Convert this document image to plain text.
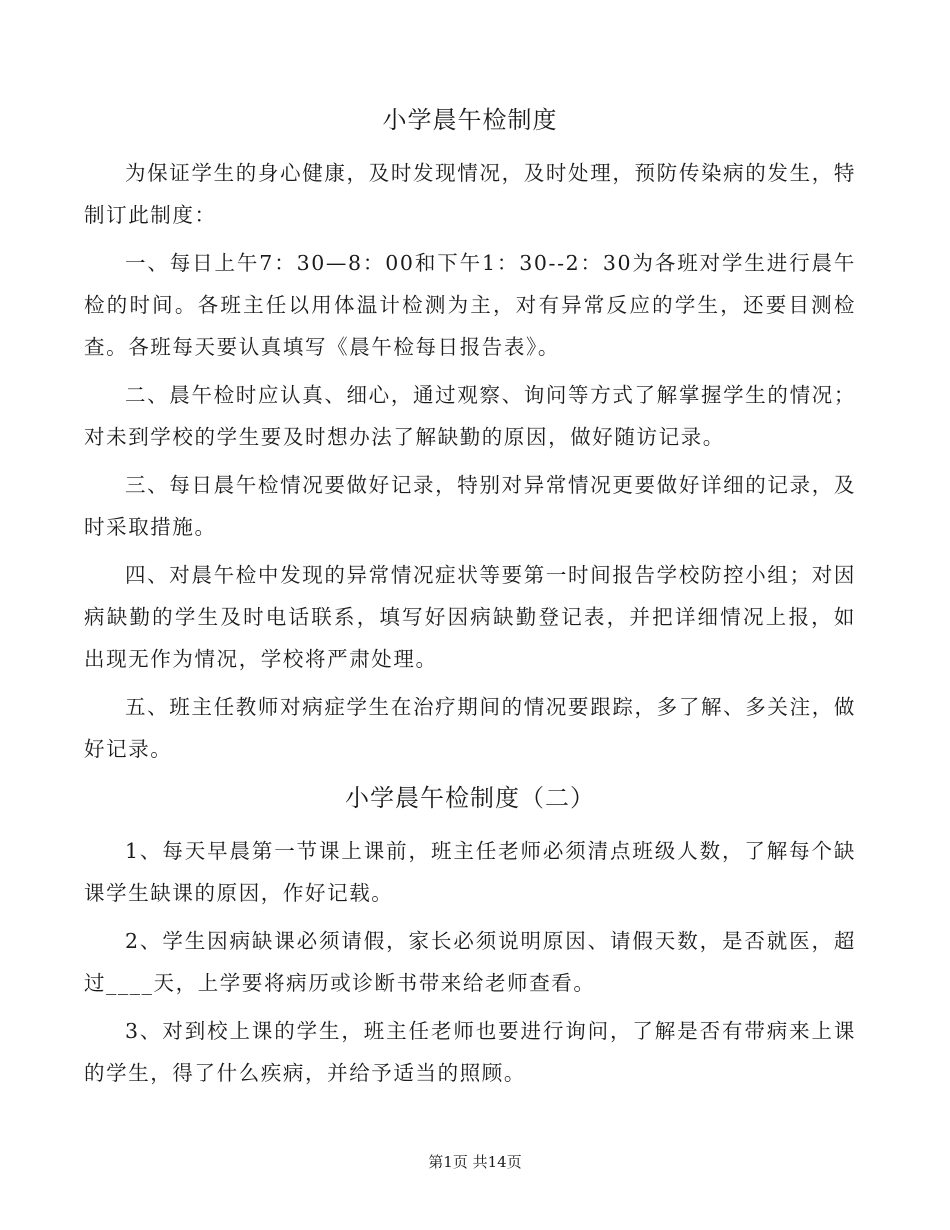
小学晨午检制度

为保证学生的身心健康，及时发现情况，及时处理，预防传染病的发生，特制订此制度：

一、每日上午7：30—8：00和下午1：30--2：30为各班对学生进行晨午检的时间。各班主任以用体温计检测为主，对有异常反应的学生，还要目测检查。各班每天要认真填写《晨午检每日报告表》。

二、晨午检时应认真、细心，通过观察、询问等方式了解掌握学生的情况；对未到学校的学生要及时想办法了解缺勤的原因，做好随访记录。

三、每日晨午检情况要做好记录，特别对异常情况更要做好详细的记录，及时采取措施。

四、对晨午检中发现的异常情况症状等要第一时间报告学校防控小组；对因病缺勤的学生及时电话联系，填写好因病缺勤登记表，并把详细情况上报，如出现无作为情况，学校将严肃处理。

五、班主任教师对病症学生在治疗期间的情况要跟踪，多了解、多关注，做好记录。

小学晨午检制度（二）

1、每天早晨第一节课上课前，班主任老师必须清点班级人数，了解每个缺课学生缺课的原因，作好记载。

2、学生因病缺课必须请假，家长必须说明原因、请假天数，是否就医，超过____天，上学要将病历或诊断书带来给老师查看。

3、对到校上课的学生，班主任老师也要进行询问，了解是否有带病来上课的学生，得了什么疾病，并给予适当的照顾。

第1页 共14页
